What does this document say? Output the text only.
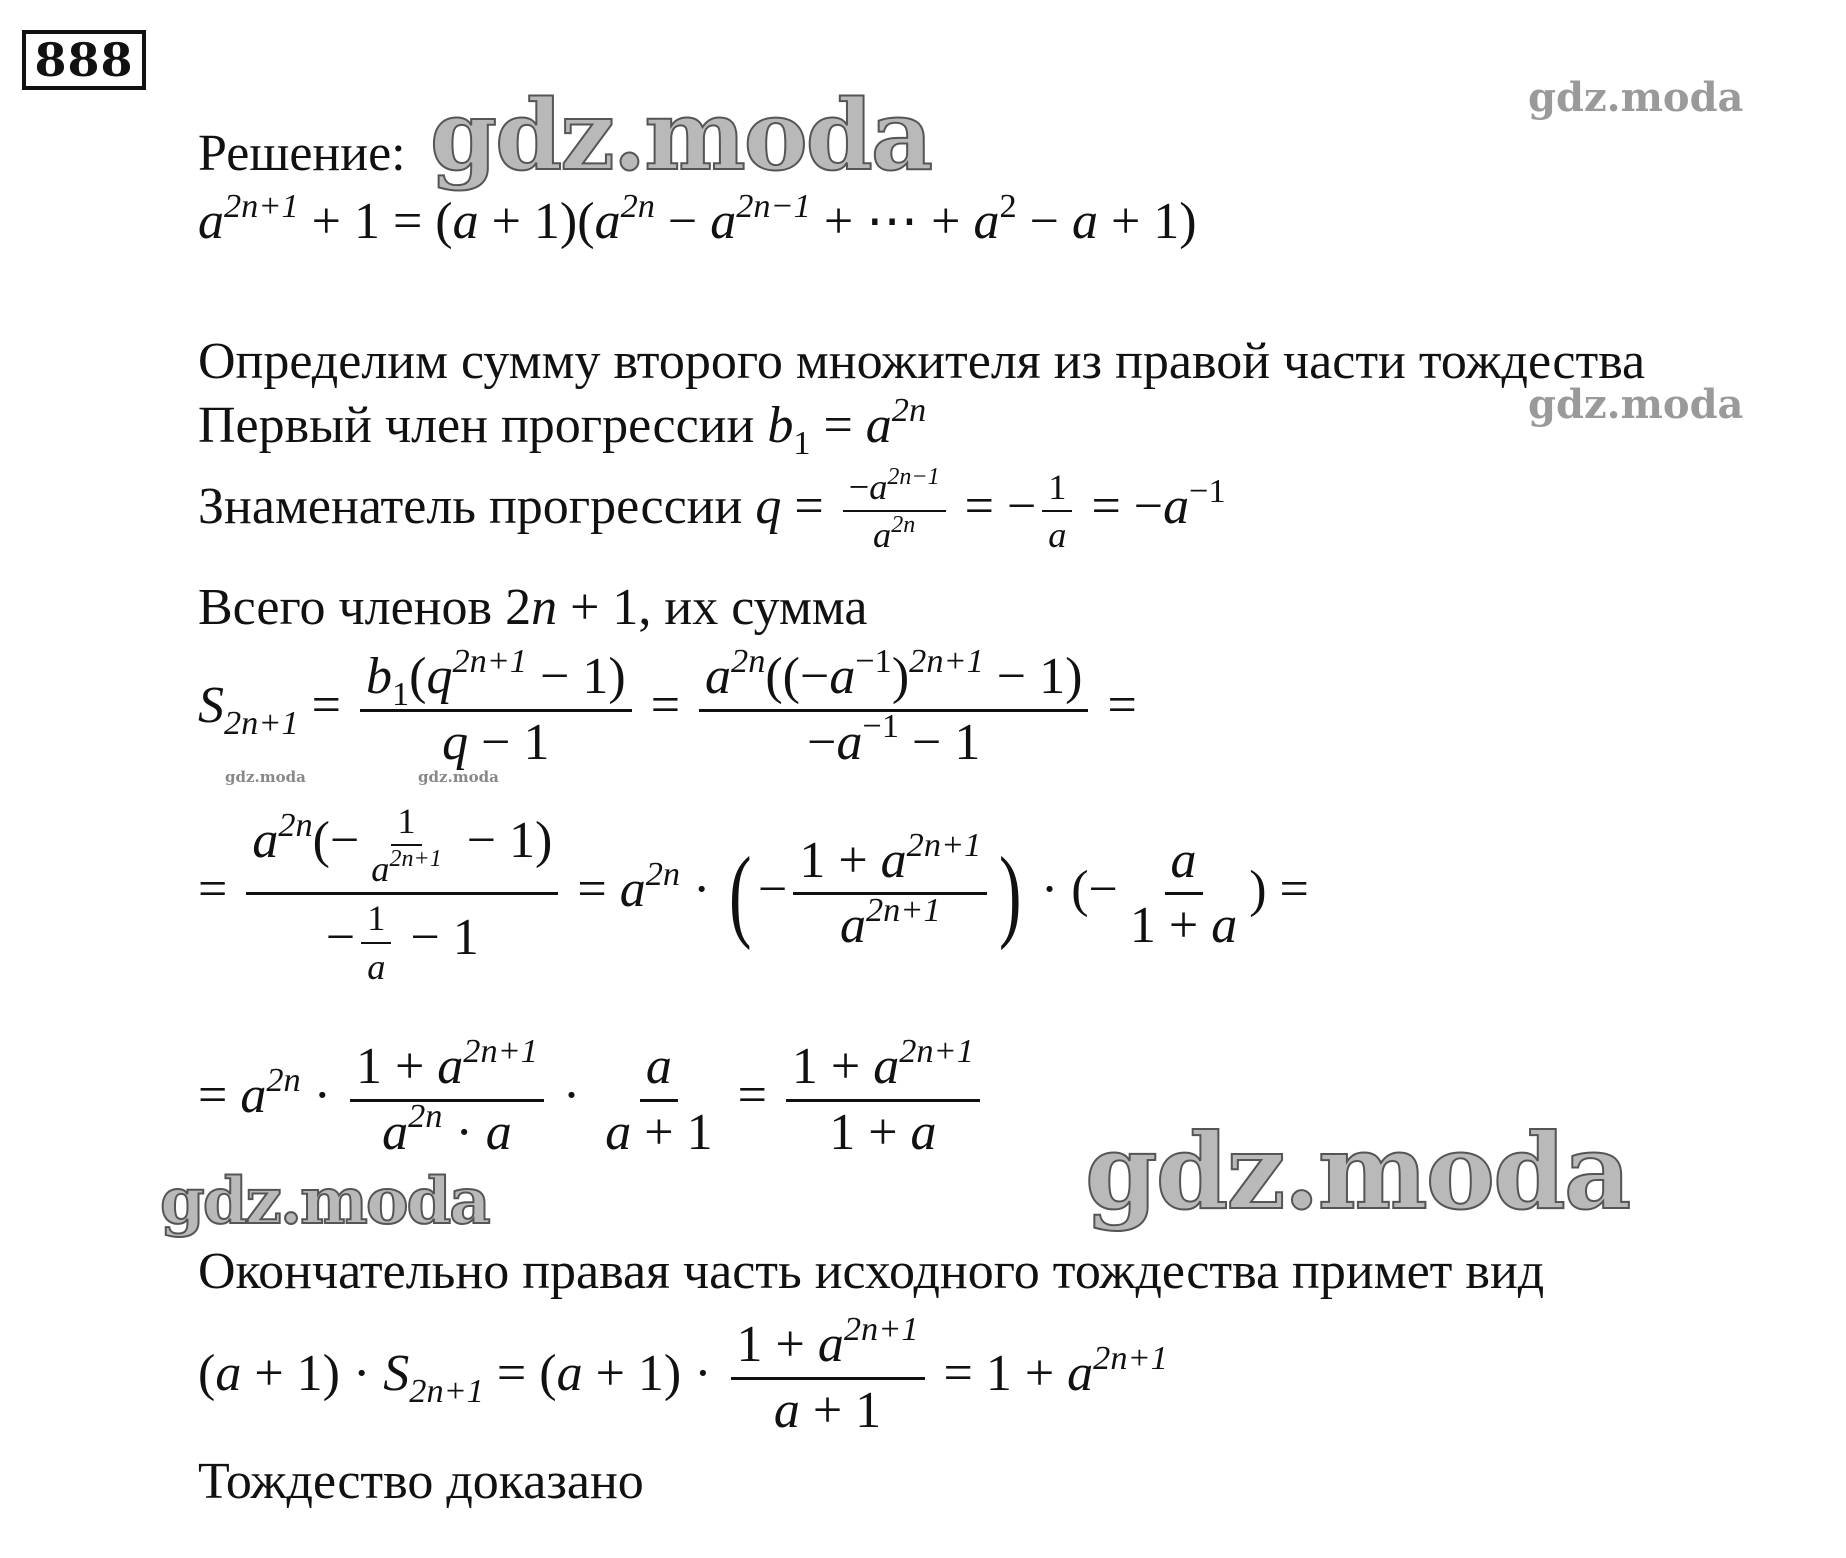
888
gdz.moda	gdz.moda
gdz.moda
gdz.moda	gdz.moda
gdz.moda
gdz.moda
Решение:
$a^{2n+1} + 1 = (a + 1)(a^{2n} - a^{2n-1}$ + ⋯ + $a^2 - a + 1$)
Определим сумму второго множителя из правой части тождества
Первый член прогрессии $b_1 = a^{2n}$
Знаменатель прогрессии $q = \frac{-a^{2n-1}}{a^{2n}}$ = − $\frac{1}{a} = -a^{-1}$
Всего членов 2n + 1, их сумма
$S_{2n+1} = \frac{b_1(q^{2n+1} - 1)}{q - 1} = \frac{a^{2n}((-a^{-1})^{2n+1} - 1)}{-a^{-1} - 1}$ =
= $\frac{a^{2n}(- \frac{1}{a^{2n+1}} - 1)}{- \frac{1}{a} - 1} = a^{2n}$ · ( − $\frac{1 + a^{2n+1}}{a^{2n+1}}$ ) · (− $\frac{a}{1 + a}$ ) =
= $a^{2n} \cdot \frac{1 + a^{2n+1}}{a^{2n} \cdot a} \cdot \frac{a}{a + 1} = \frac{1 + a^{2n+1}}{1 + a}$
Окончательно правая часть исходного тождества примет вид
$(a + 1) \cdot S_{2n+1} = (a + 1) \cdot \frac{1 + a^{2n+1}}{a + 1} = 1 + a^{2n+1}$
Тождество доказано
